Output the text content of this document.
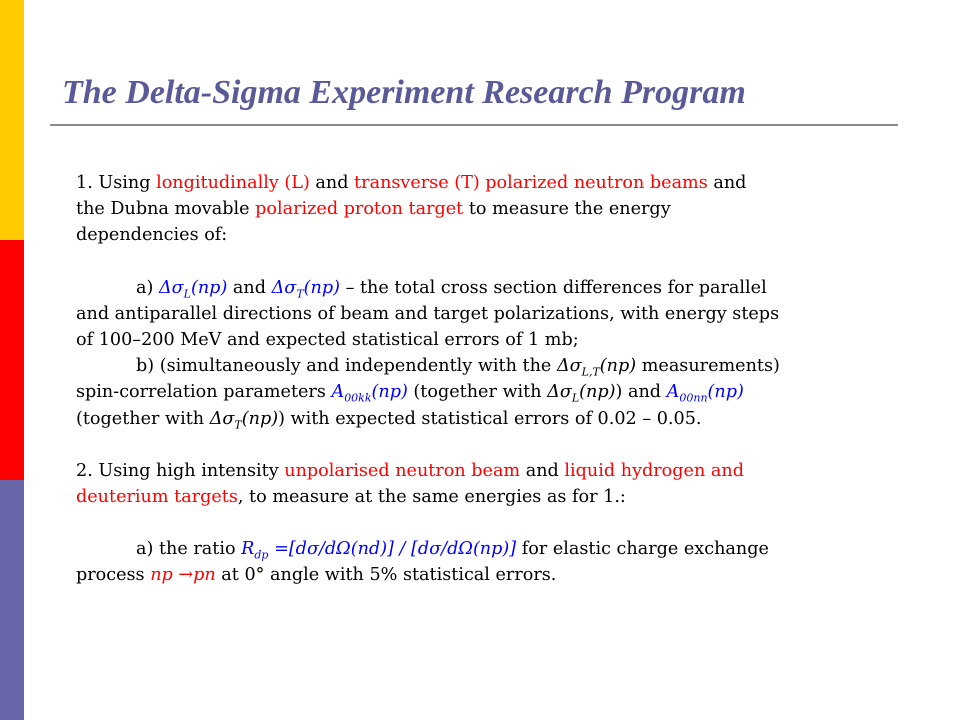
The Delta-Sigma Experiment Research Program

1. Using longitudinally (L) and transverse (T) polarized neutron beams and

the Dubna movable polarized proton target to measure the energy

dependencies of:

a) $\Delta\sigma_L(np)$ and $\Delta\sigma_T(np)$ – the total cross section differences for parallel

and antiparallel directions of beam and target polarizations, with energy steps

of 100–200 MeV and expected statistical errors of 1 mb;

b) (simultaneously and independently with the $\Delta\sigma_{L,T}(np)$ measurements)

spin-correlation parameters $A_{00kk}(np)$ (together with $\Delta\sigma_L(np)$) and $A_{00nn}(np)$

(together with $\Delta\sigma_T(np)$) with expected statistical errors of 0.02 – 0.05.

2. Using high intensity unpolarised neutron beam and liquid hydrogen and

deuterium targets, to measure at the same energies as for 1.:

a) the ratio $R_{dp} =[d\sigma/d\Omega(nd)] / [d\sigma/d\Omega(np)]$ for elastic charge exchange

process np →pn at 0° angle with 5% statistical errors.
